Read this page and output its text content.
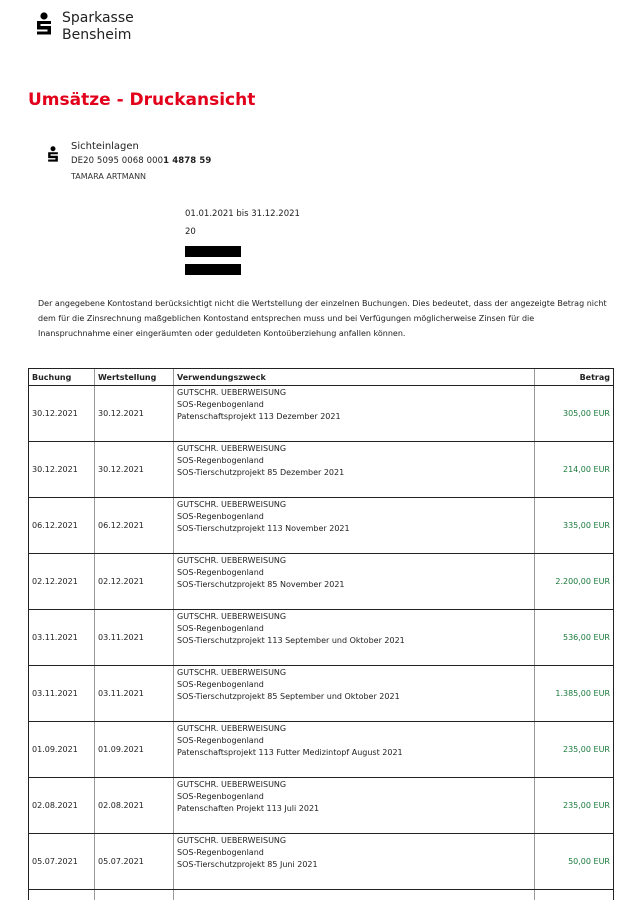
Sparkasse
Bensheim
Umsätze - Druckansicht
Sichteinlagen
DE20 5095 0068 0001 4878 59
TAMARA ARTMANN
01.01.2021 bis 31.12.2021
20
Der angegebene Kontostand berücksichtigt nicht die Wertstellung der einzelnen Buchungen. Dies bedeutet, dass der angezeigte Betrag nicht dem für die Zinsrechnung maßgeblichen Kontostand entsprechen muss und bei Verfügungen möglicherweise Zinsen für die Inanspruchnahme einer eingeräumten oder geduldeten Kontoüberziehung anfallen können.
Buchung	Wertstellung	Verwendungszweck	Betrag
30.12.2021	30.12.2021	GUTSCHR. UEBERWEISUNG
SOS-Regenbogenland
Patenschaftsprojekt 113 Dezember 2021	305,00 EUR
30.12.2021	30.12.2021	GUTSCHR. UEBERWEISUNG
SOS-Regenbogenland
SOS-Tierschutzprojekt 85 Dezember 2021	214,00 EUR
06.12.2021	06.12.2021	GUTSCHR. UEBERWEISUNG
SOS-Regenbogenland
SOS-Tierschutzprojekt 113 November 2021	335,00 EUR
02.12.2021	02.12.2021	GUTSCHR. UEBERWEISUNG
SOS-Regenbogenland
SOS-Tierschutzprojekt 85 November 2021	2.200,00 EUR
03.11.2021	03.11.2021	GUTSCHR. UEBERWEISUNG
SOS-Regenbogenland
SOS-Tierschutzprojekt 113 September und Oktober 2021	536,00 EUR
03.11.2021	03.11.2021	GUTSCHR. UEBERWEISUNG
SOS-Regenbogenland
SOS-Tierschutzprojekt 85 September und Oktober 2021	1.385,00 EUR
01.09.2021	01.09.2021	GUTSCHR. UEBERWEISUNG
SOS-Regenbogenland
Patenschaftsprojekt 113 Futter Medizintopf August 2021	235,00 EUR
02.08.2021	02.08.2021	GUTSCHR. UEBERWEISUNG
SOS-Regenbogenland
Patenschaften Projekt 113 Juli 2021	235,00 EUR
05.07.2021	05.07.2021	GUTSCHR. UEBERWEISUNG
SOS-Regenbogenland
SOS-Tierschutzprojekt 85 Juni 2021	50,00 EUR
